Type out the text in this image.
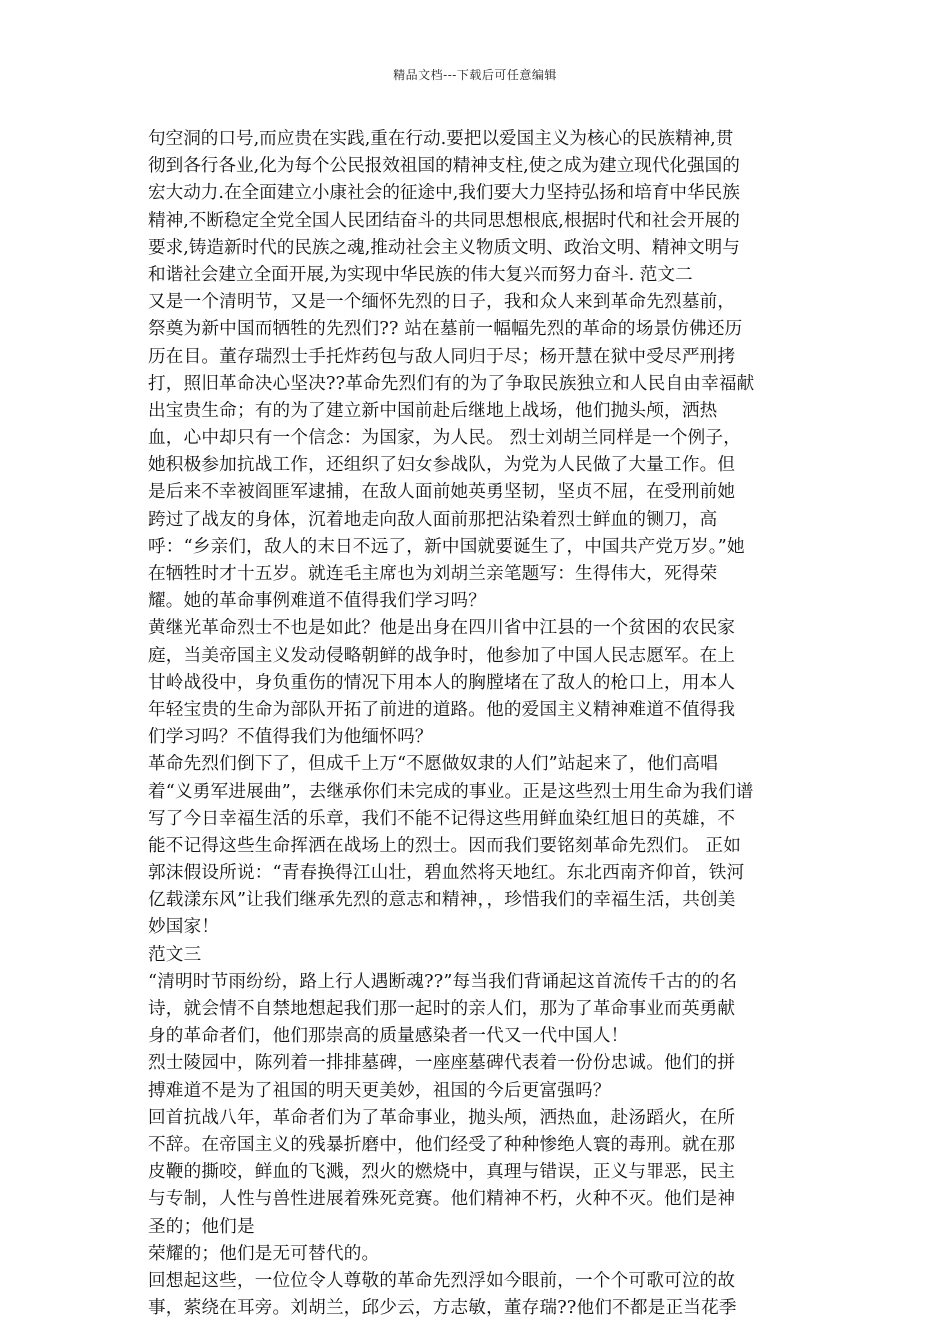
精品文档---下载后可任意编辑
句空洞的口号,而应贵在实践,重在行动.要把以爱国主义为核心的民族精神,贯
彻到各行各业,化为每个公民报效祖国的精神支柱,使之成为建立现代化强国的
宏大动力.在全面建立小康社会的征途中,我们要大力坚持弘扬和培育中华民族
精神,不断稳定全党全国人民团结奋斗的共同思想根底,根据时代和社会开展的
要求,铸造新时代的民族之魂,推动社会主义物质文明、政治文明、精神文明与
和谐社会建立全面开展,为实现中华民族的伟大复兴而努力奋斗. 范文二
又是一个清明节，又是一个缅怀先烈的日子，我和众人来到革命先烈墓前，
祭奠为新中国而牺牲的先烈们?? 站在墓前一幅幅先烈的革命的场景仿佛还历
历在目。董存瑞烈士手托炸药包与敌人同归于尽；杨开慧在狱中受尽严刑拷
打，照旧革命决心坚决??革命先烈们有的为了争取民族独立和人民自由幸福献
出宝贵生命；有的为了建立新中国前赴后继地上战场，他们抛头颅，洒热
血，心中却只有一个信念：为国家，为人民。 烈士刘胡兰同样是一个例子，
她积极参加抗战工作，还组织了妇女参战队，为党为人民做了大量工作。但
是后来不幸被阎匪军逮捕，在敌人面前她英勇坚韧，坚贞不屈，在受刑前她
跨过了战友的身体，沉着地走向敌人面前那把沾染着烈士鲜血的铡刀，高
呼：“乡亲们，敌人的末日不远了，新中国就要诞生了，中国共产党万岁。”她
在牺牲时才十五岁。就连毛主席也为刘胡兰亲笔题写：生得伟大，死得荣
耀。她的革命事例难道不值得我们学习吗？
黄继光革命烈士不也是如此？他是出身在四川省中江县的一个贫困的农民家
庭，当美帝国主义发动侵略朝鲜的战争时，他参加了中国人民志愿军。在上
甘岭战役中，身负重伤的情况下用本人的胸膛堵在了敌人的枪口上，用本人
年轻宝贵的生命为部队开拓了前进的道路。他的爱国主义精神难道不值得我
们学习吗？不值得我们为他缅怀吗？
革命先烈们倒下了，但成千上万“不愿做奴隶的人们”站起来了，他们高唱
着“义勇军进展曲”，去继承你们未完成的事业。正是这些烈士用生命为我们谱
写了今日幸福生活的乐章，我们不能不记得这些用鲜血染红旭日的英雄，不
能不记得这些生命挥洒在战场上的烈士。因而我们要铭刻革命先烈们。 正如
郭沫假设所说：“青春换得江山壮，碧血然将天地红。东北西南齐仰首，铁河
亿载漾东风”让我们继承先烈的意志和精神，，珍惜我们的幸福生活，共创美
妙国家！
范文三
“清明时节雨纷纷，路上行人遇断魂??”每当我们背诵起这首流传千古的的名
诗，就会情不自禁地想起我们那一起时的亲人们，那为了革命事业而英勇献
身的革命者们，他们那崇高的质量感染者一代又一代中国人！
烈士陵园中，陈列着一排排墓碑，一座座墓碑代表着一份份忠诚。他们的拼
搏难道不是为了祖国的明天更美妙，祖国的今后更富强吗？
回首抗战八年，革命者们为了革命事业，抛头颅，洒热血，赴汤蹈火，在所
不辞。在帝国主义的残暴折磨中，他们经受了种种惨绝人寰的毒刑。就在那
皮鞭的撕咬，鲜血的飞溅，烈火的燃烧中，真理与错误，正义与罪恶，民主
与专制，人性与兽性进展着殊死竞赛。他们精神不朽，火种不灭。他们是神
圣的；他们是
荣耀的；他们是无可替代的。
回想起这些，一位位令人尊敬的革命先烈浮如今眼前，一个个可歌可泣的故
事，萦绕在耳旁。刘胡兰，邱少云，方志敏，董存瑞??他们不都是正当花季
